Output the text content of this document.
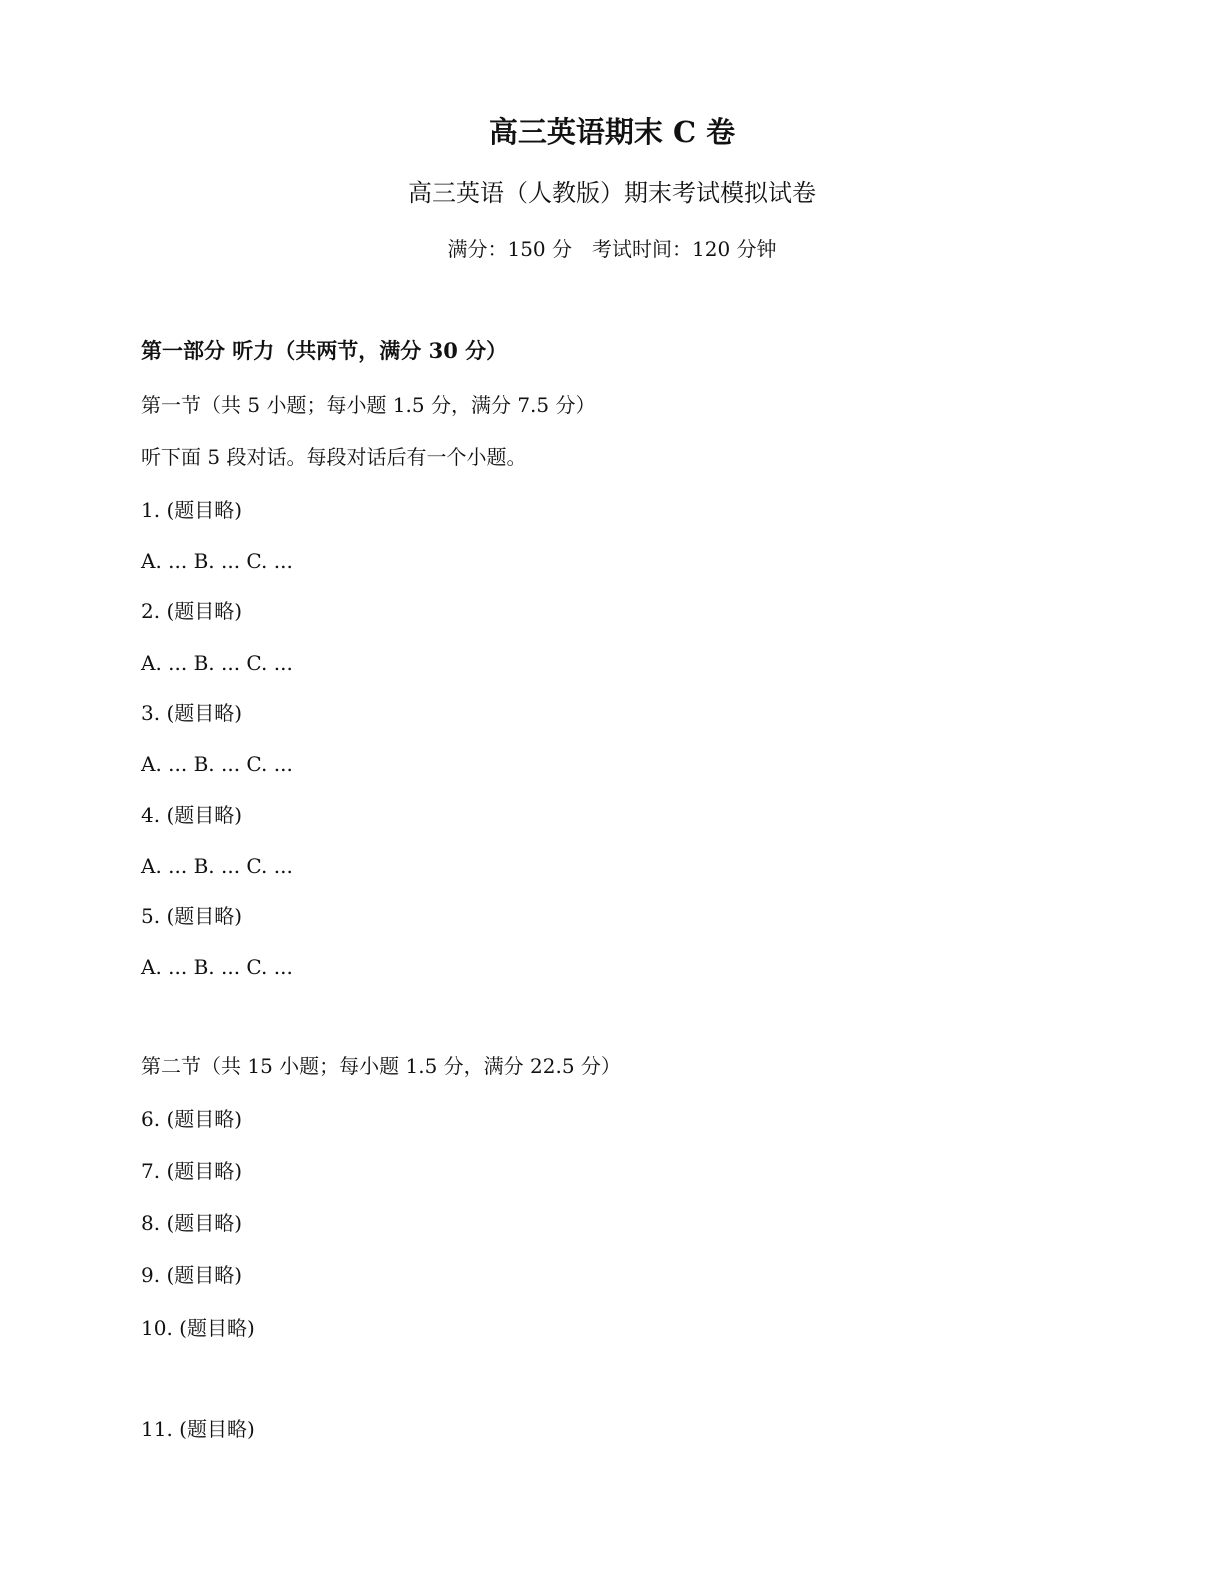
高三英语期末 C 卷
高三英语（人教版）期末考试模拟试卷
满分：150 分 考试时间：120 分钟
第一部分 听力（共两节，满分 30 分）
第一节（共 5 小题；每小题 1.5 分，满分 7.5 分）
听下面 5 段对话。每段对话后有一个小题。
1. (题目略)
A. ... B. ... C. ...
2. (题目略)
A. ... B. ... C. ...
3. (题目略)
A. ... B. ... C. ...
4. (题目略)
A. ... B. ... C. ...
5. (题目略)
A. ... B. ... C. ...
第二节（共 15 小题；每小题 1.5 分，满分 22.5 分）
6. (题目略)
7. (题目略)
8. (题目略)
9. (题目略)
10. (题目略)
11. (题目略)
